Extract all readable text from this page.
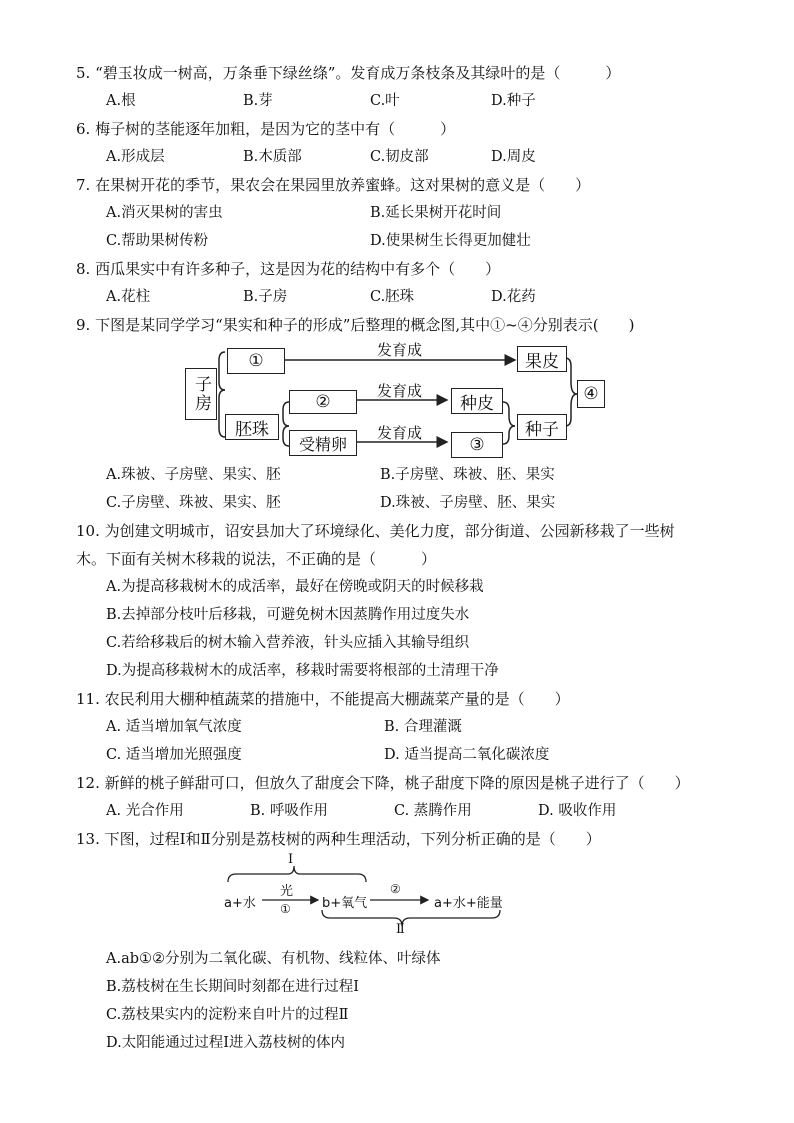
5. “碧玉妆成一树高，万条垂下绿丝绦”。发育成万条枝条及其绿叶的是（　　　）
A.根	B.芽	C.叶	D.种子
6. 梅子树的茎能逐年加粗，是因为它的茎中有（　　　）
A.形成层	B.木质部	C.韧皮部	D.周皮
7. 在果树开花的季节，果农会在果园里放养蜜蜂。这对果树的意义是（　　）
A.消灭果树的害虫	B.延长果树开花时间
C.帮助果树传粉	D.使果树生长得更加健壮
8. 西瓜果实中有许多种子，这是因为花的结构中有多个（　　）
A.花柱	B.子房	C.胚珠	D.花药
9. 下图是某同学学习“果实和种子的形成”后整理的概念图,其中①~④分别表示(　　)
子房
①
发育成
果皮
胚珠
②
发育成
种皮
受精卵
发育成
③
种子
④
A.珠被、子房壁、果实、胚	B.子房壁、珠被、胚、果实
C.子房壁、珠被、果实、胚	D.珠被、子房壁、胚、果实
10. 为创建文明城市，诏安县加大了环境绿化、美化力度，部分街道、公园新移栽了一些树
木。下面有关树木移栽的说法，不正确的是（　　　）
A.为提高移栽树木的成活率，最好在傍晚或阴天的时候移栽
B.去掉部分枝叶后移栽，可避免树木因蒸腾作用过度失水
C.若给移栽后的树木输入营养液，针头应插入其输导组织
D.为提高移栽树木的成活率，移栽时需要将根部的土清理干净
11. 农民利用大棚种植蔬菜的措施中，不能提高大棚蔬菜产量的是（　　）
A. 适当增加氧气浓度	B. 合理灌溉
C. 适当增加光照强度	D. 适当提高二氧化碳浓度
12. 新鲜的桃子鲜甜可口，但放久了甜度会下降，桃子甜度下降的原因是桃子进行了（　　）
A. 光合作用	B. 呼吸作用	C. 蒸腾作用	D. 吸收作用
13. 下图，过程Ⅰ和Ⅱ分别是荔枝树的两种生理活动，下列分析正确的是（　　）
Ⅰ
a+水
光
① b+氧气
②
a+水+能量
Ⅱ
A.ab①②分别为二氧化碳、有机物、线粒体、叶绿体
B.荔枝树在生长期间时刻都在进行过程Ⅰ
C.荔枝果实内的淀粉来自叶片的过程Ⅱ
D.太阳能通过过程Ⅰ进入荔枝树的体内
